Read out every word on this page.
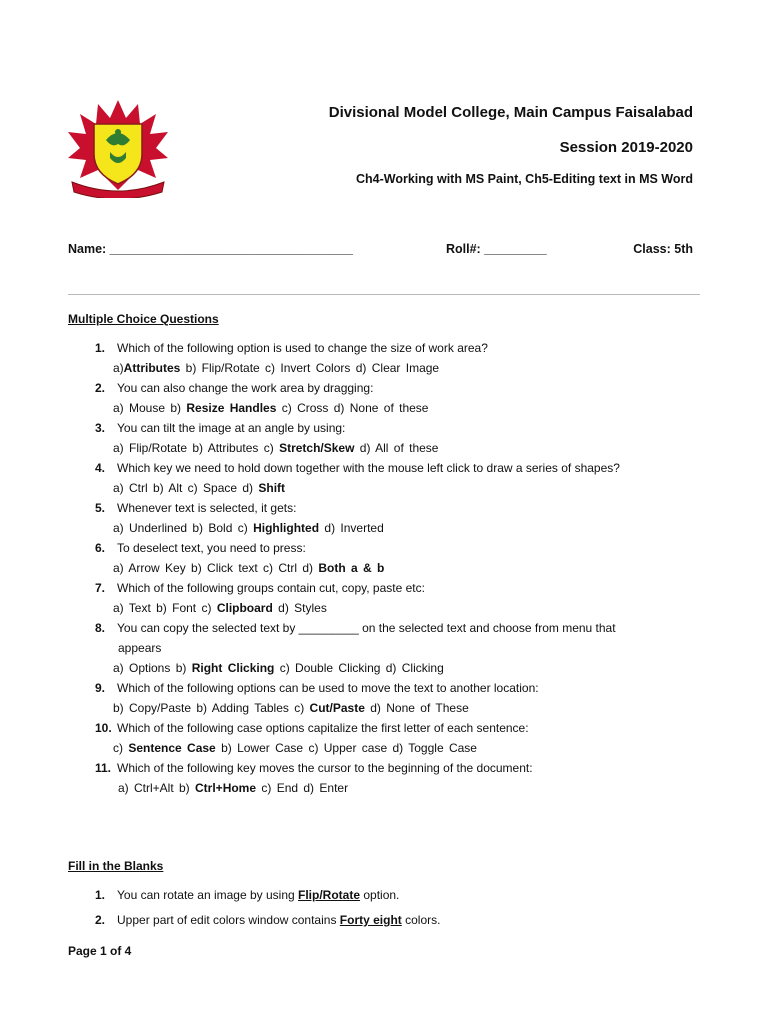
Divisional Model College, Main Campus Faisalabad
Session 2019-2020
Ch4-Working with MS Paint, Ch5-Editing text in MS Word
Name: ___________________________________	Roll#: _________	Class: 5th
Multiple Choice Questions
1. Which of the following option is used to change the size of work area?
a)Attributes b) Flip/Rotate c) Invert Colors d) Clear Image
2. You can also change the work area by dragging:
a) Mouse b) Resize Handles c) Cross d) None of these
3. You can tilt the image at an angle by using:
a) Flip/Rotate b) Attributes c) Stretch/Skew d) All of these
4. Which key we need to hold down together with the mouse left click to draw a series of shapes?
a) Ctrl b) Alt c) Space d) Shift
5. Whenever text is selected, it gets:
a) Underlined b) Bold c) Highlighted d) Inverted
6. To deselect text, you need to press:
a) Arrow Key b) Click text c) Ctrl d) Both a & b
7. Which of the following groups contain cut, copy, paste etc:
a) Text b) Font c) Clipboard d) Styles
8. You can copy the selected text by _________ on the selected text and choose from menu that
appears
a) Options b) Right Clicking c) Double Clicking d) Clicking
9. Which of the following options can be used to move the text to another location:
b) Copy/Paste b) Adding Tables c) Cut/Paste d) None of These
10. Which of the following case options capitalize the first letter of each sentence:
c) Sentence Case b) Lower Case c) Upper case d) Toggle Case
11. Which of the following key moves the cursor to the beginning of the document:
a) Ctrl+Alt b) Ctrl+Home c) End d) Enter
Fill in the Blanks
1. You can rotate an image by using Flip/Rotate option.
2. Upper part of edit colors window contains Forty eight colors.
Page 1 of 4
